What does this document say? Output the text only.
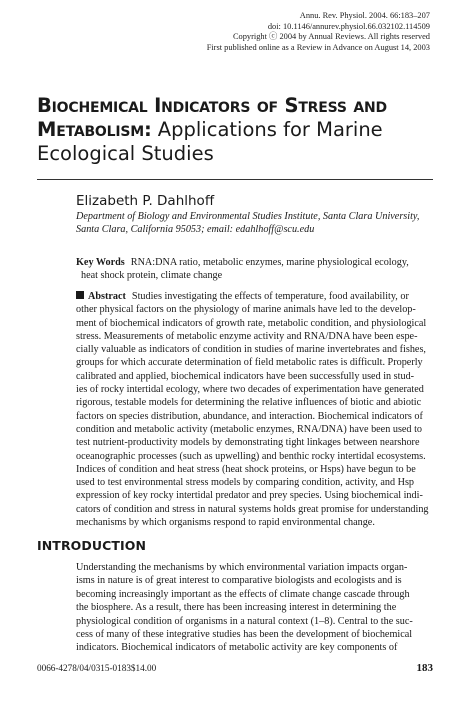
Annu. Rev. Physiol. 2004. 66:183–207
doi: 10.1146/annurev.physiol.66.032102.114509
Copyright ⓒ 2004 by Annual Reviews. All rights reserved
First published online as a Review in Advance on August 14, 2003
Biochemical Indicators of Stress and
Metabolism: Applications for Marine
Ecological Studies
Elizabeth P. Dahlhoff
Department of Biology and Environmental Studies Institute, Santa Clara University,
Santa Clara, California 95053; email: edahlhoff@scu.edu
Key Words RNA:DNA ratio, metabolic enzymes, marine physiological ecology,
heat shock protein, climate change
Abstract Studies investigating the effects of temperature, food availability, or
other physical factors on the physiology of marine animals have led to the develop-
ment of biochemical indicators of growth rate, metabolic condition, and physiological
stress. Measurements of metabolic enzyme activity and RNA/DNA have been espe-
cially valuable as indicators of condition in studies of marine invertebrates and fishes,
groups for which accurate determination of field metabolic rates is difficult. Properly
calibrated and applied, biochemical indicators have been successfully used in stud-
ies of rocky intertidal ecology, where two decades of experimentation have generated
rigorous, testable models for determining the relative influences of biotic and abiotic
factors on species distribution, abundance, and interaction. Biochemical indicators of
condition and metabolic activity (metabolic enzymes, RNA/DNA) have been used to
test nutrient-productivity models by demonstrating tight linkages between nearshore
oceanographic processes (such as upwelling) and benthic rocky intertidal ecosystems.
Indices of condition and heat stress (heat shock proteins, or Hsps) have begun to be
used to test environmental stress models by comparing condition, activity, and Hsp
expression of key rocky intertidal predator and prey species. Using biochemical indi-
cators of condition and stress in natural systems holds great promise for understanding
mechanisms by which organisms respond to rapid environmental change.
INTRODUCTION
Understanding the mechanisms by which environmental variation impacts organ-
isms in nature is of great interest to comparative biologists and ecologists and is
becoming increasingly important as the effects of climate change cascade through
the biosphere. As a result, there has been increasing interest in determining the
physiological condition of organisms in a natural context (1–8). Central to the suc-
cess of many of these integrative studies has been the development of biochemical
indicators. Biochemical indicators of metabolic activity are key components of
0066-4278/04/0315-0183$14.00	183
